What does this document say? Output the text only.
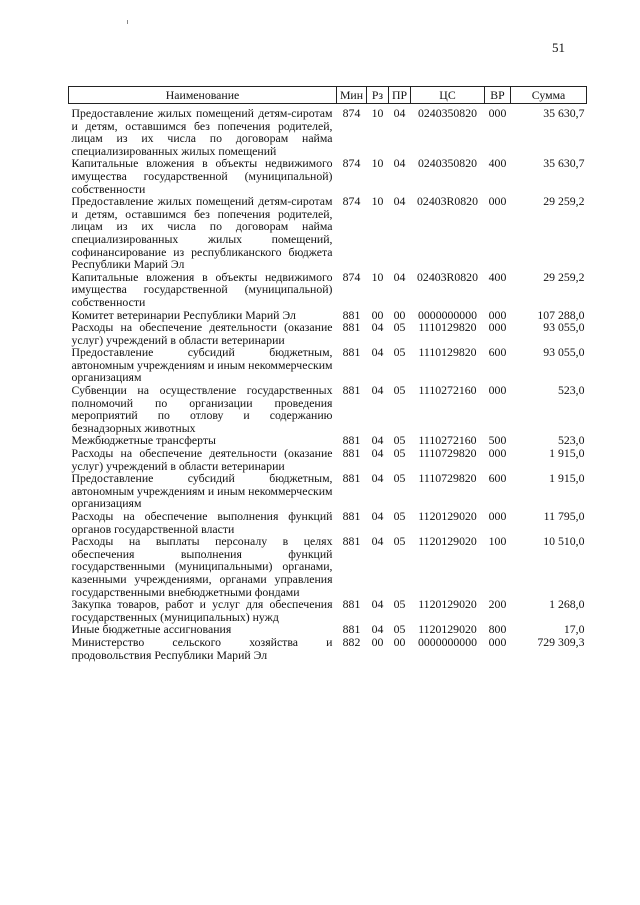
51
Наименование	Мин	Рз	ПР	ЦС	ВР	Сумма
Предоставление жилых помещений детям-сиротам и детям, оставшимся без попечения родителей, лицам из их числа по договорам найма специализированных жилых помещений	874	10	04	0240350820	000	35 630,7
Капитальные вложения в объекты недвижимого имущества государственной (муниципальной) собственности	874	10	04	0240350820	400	35 630,7
Предоставление жилых помещений детям-сиротам и детям, оставшимся без попечения родителей, лицам из их числа по договорам найма специализированных жилых помещений, софинансирование из республиканского бюджета Республики Марий Эл	874	10	04	02403R0820	000	29 259,2
Капитальные вложения в объекты недвижимого имущества государственной (муниципальной) собственности	874	10	04	02403R0820	400	29 259,2
Комитет ветеринарии Республики Марий Эл	881	00	00	0000000000	000	107 288,0
Расходы на обеспечение деятельности (оказание услуг) учреждений в области ветеринарии	881	04	05	1110129820	000	93 055,0
Предоставление субсидий бюджетным, автономным учреждениям и иным некоммерческим организациям	881	04	05	1110129820	600	93 055,0
Субвенции на осуществление государственных полномочий по организации проведения мероприятий по отлову и содержанию безнадзорных животных	881	04	05	1110272160	000	523,0
Межбюджетные трансферты	881	04	05	1110272160	500	523,0
Расходы на обеспечение деятельности (оказание услуг) учреждений в области ветеринарии	881	04	05	1110729820	000	1 915,0
Предоставление субсидий бюджетным, автономным учреждениям и иным некоммерческим организациям	881	04	05	1110729820	600	1 915,0
Расходы на обеспечение выполнения функций органов государственной власти	881	04	05	1120129020	000	11 795,0
Расходы на выплаты персоналу в целях обеспечения выполнения функций государственными (муниципальными) органами, казенными учреждениями, органами управления государственными внебюджетными фондами	881	04	05	1120129020	100	10 510,0
Закупка товаров, работ и услуг для обеспечения государственных (муниципальных) нужд	881	04	05	1120129020	200	1 268,0
Иные бюджетные ассигнования	881	04	05	1120129020	800	17,0
Министерство сельского хозяйства и продовольствия Республики Марий Эл	882	00	00	0000000000	000	729 309,3
